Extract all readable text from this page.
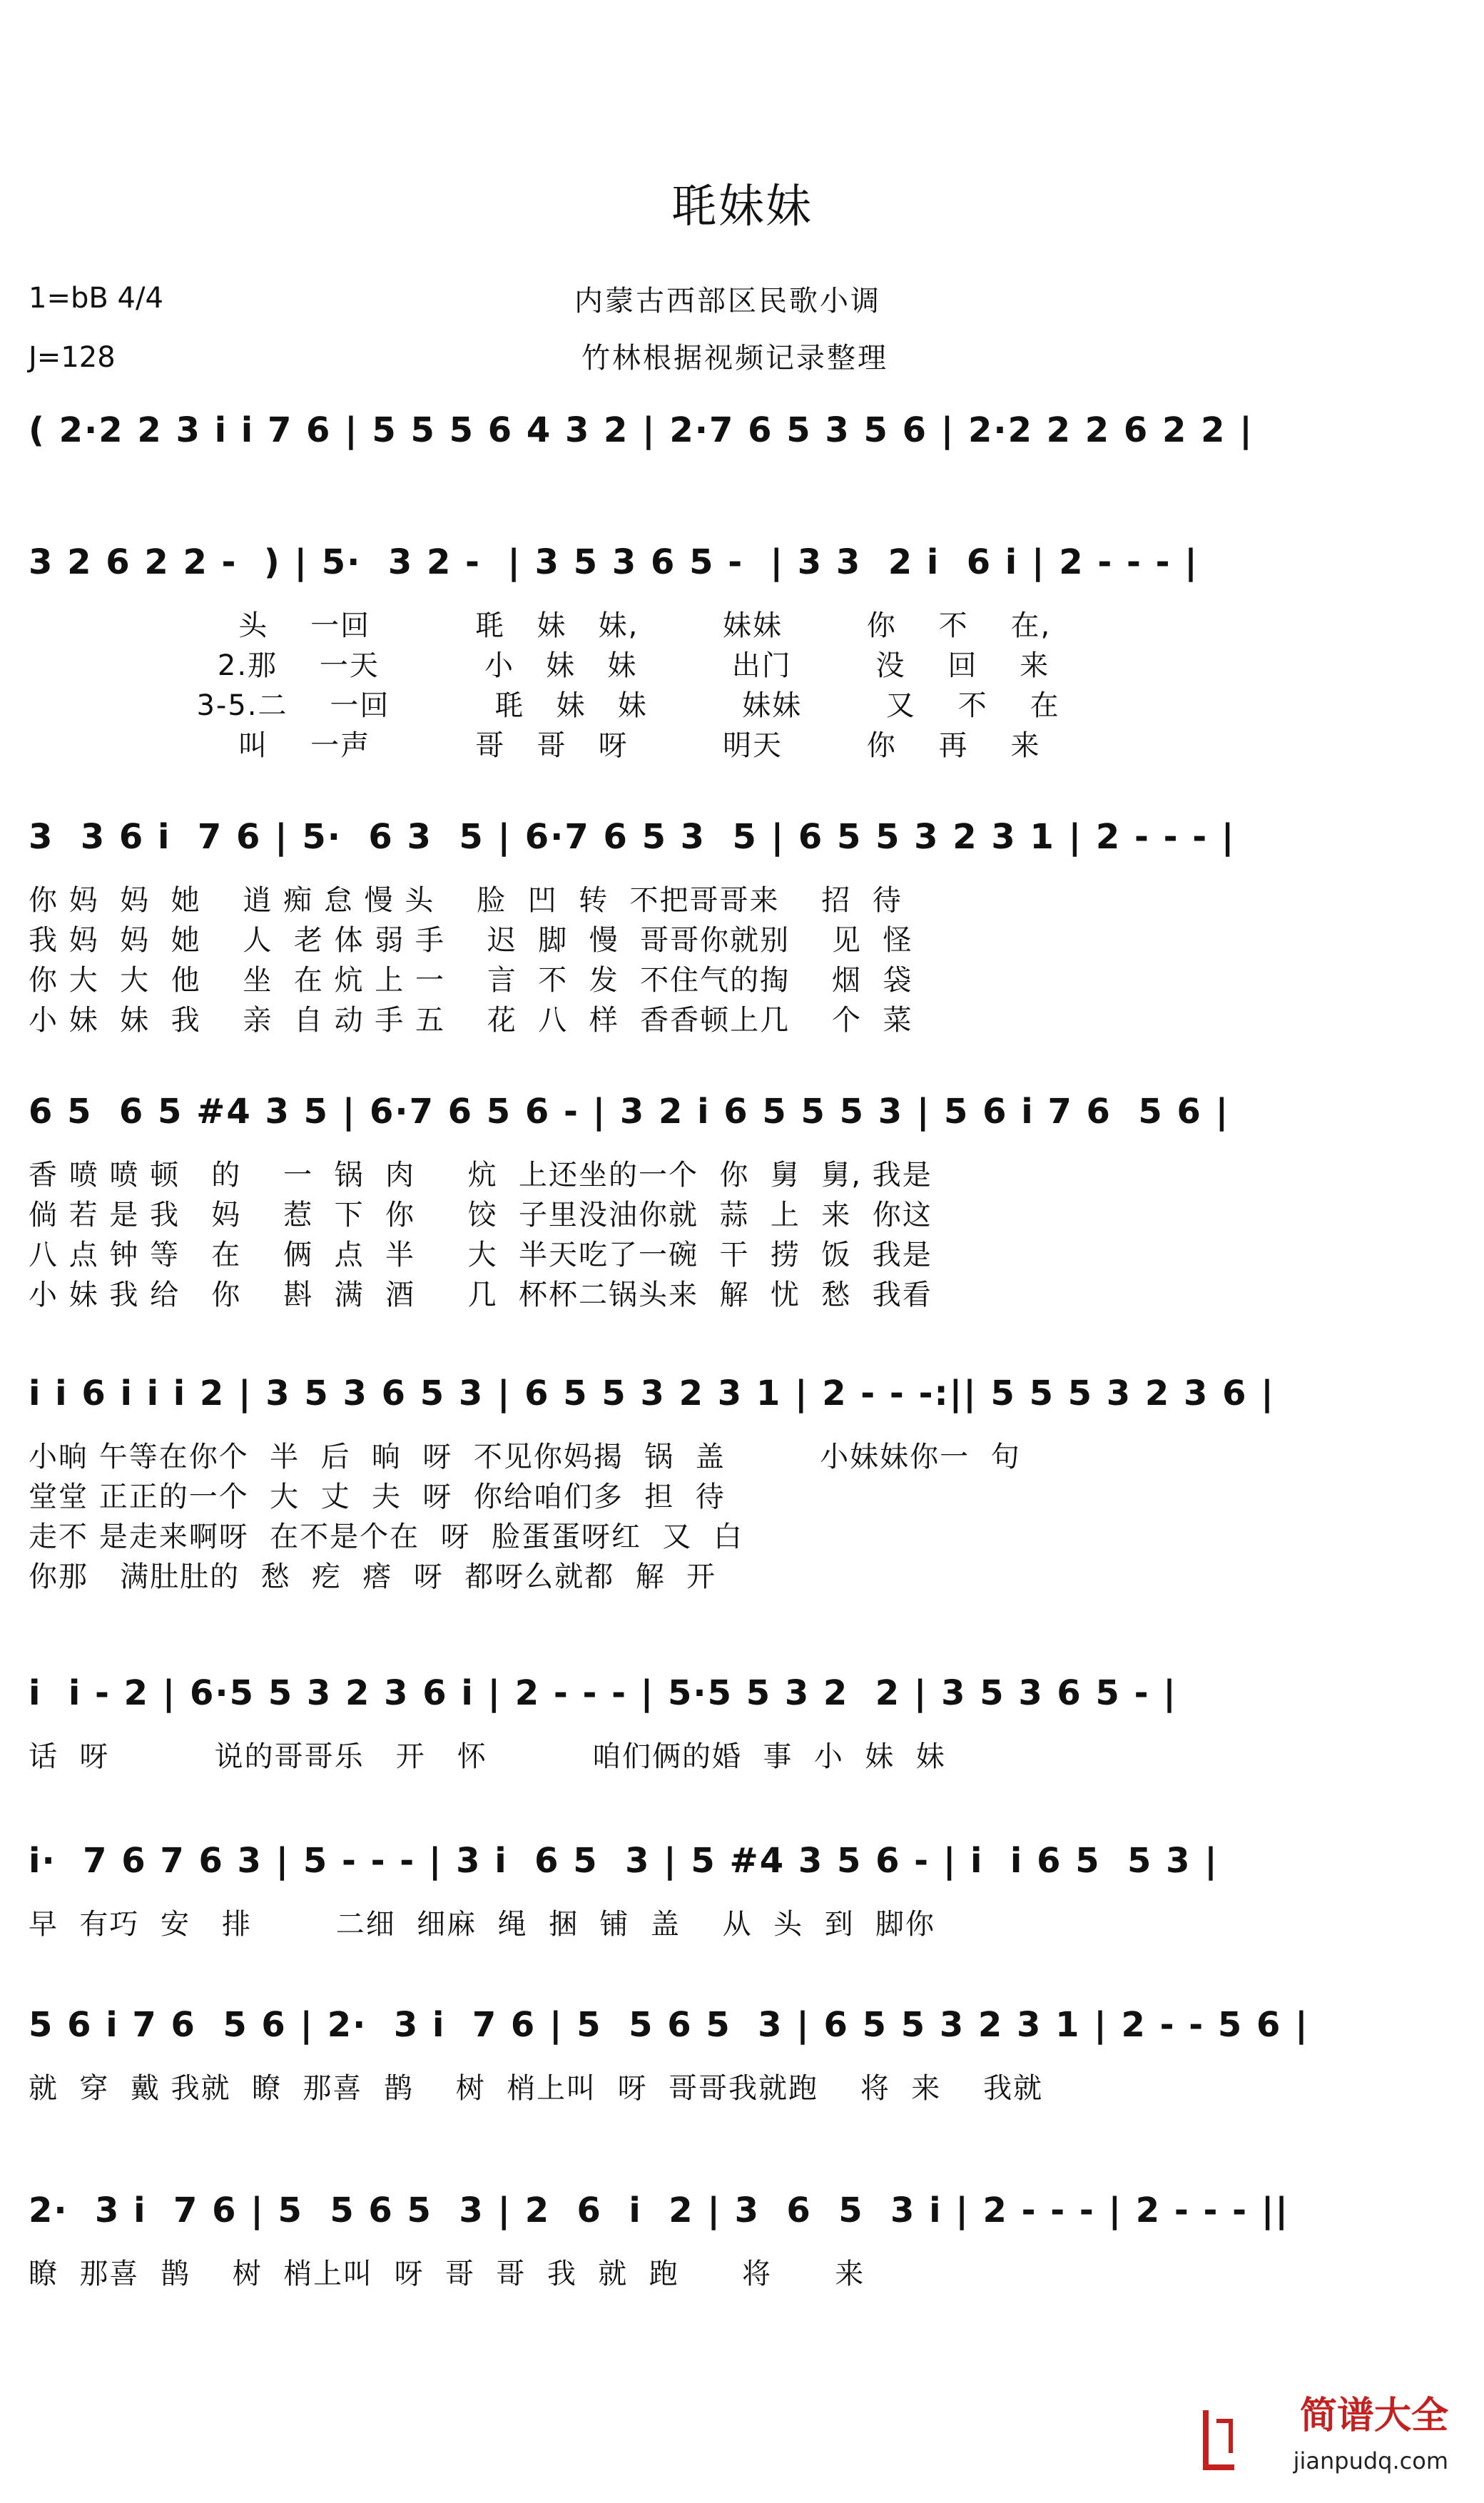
毦妹妹
1=bB 4/4
J=128
内蒙古西部区民歌小调
竹林根据视频记录整理
( 2·2 2 3 i i 7 6 | 5 5 5 6 4 3 2 | 2·7 6 5 3 5 6 | 2·2 2 2 6 2 2 |
3 2 6 2 2 -  ) | 5·  3 2 -  | 3 5 3 6 5 -  | 3 3  2 i  6 i | 2 - - - |
头    一回          毦   妹   妹,        妹妹        你    不    在,
2.那    一天          小   妹   妹         出门        没    回    来
3-5.二    一回          毦   妹   妹         妹妹        又    不    在
叫    一声          哥   哥   呀         明天        你    再    来
3  3 6 i  7 6 | 5·  6 3  5 | 6·7 6 5 3  5 | 6 5 5 3 2 3 1 | 2 - - - |
你 妈  妈  她    逍 痴 怠 慢 头    脸  凹  转  不把哥哥来    招  待
我 妈  妈  她    人  老 体 弱 手    迟  脚  慢  哥哥你就别    见  怪
你 大  大  他    坐  在 炕 上 一    言  不  发  不住气的掏    烟  袋
小 妹  妹  我    亲  自 动 手 五    花  八  样  香香顿上几    个  菜
6 5  6 5 #4 3 5 | 6·7 6 5 6 - | 3 2 i 6 5 5 5 3 | 5 6 i 7 6  5 6 |
香 喷 喷 顿   的    一  锅  肉     炕  上还坐的一个  你  舅  舅, 我是
倘 若 是 我   妈    惹  下  你     饺  子里没油你就  蒜  上  来  你这
八 点 钟 等   在    俩  点  半     大  半天吃了一碗  干  捞  饭  我是
小 妹 我 给   你    斟  满  酒     几  杯杯二锅头来  解  忧  愁  我看
i i 6 i i i 2 | 3 5 3 6 5 3 | 6 5 5 3 2 3 1 | 2 - - -:|| 5 5 5 3 2 3 6 |
小晌 午等在你个  半  后  晌  呀  不见你妈揭  锅  盖         小妹妹你一  句
堂堂 正正的一个  大  丈  夫  呀  你给咱们多  担  待
走不 是走来啊呀  在不是个在  呀  脸蛋蛋呀红  又  白
你那   满肚肚的  愁  疙  瘩  呀  都呀么就都  解  开
i  i - 2 | 6·5 5 3 2 3 6 i | 2 - - - | 5·5 5 3 2  2 | 3 5 3 6 5 - |
话  呀          说的哥哥乐   开   怀          咱们俩的婚  事  小  妹  妹
i·  7 6 7 6 3 | 5 - - - | 3 i  6 5  3 | 5 #4 3 5 6 - | i  i 6 5  5 3 |
早  有巧  安   排        二细  细麻  绳  捆  铺  盖    从  头  到  脚你
5 6 i 7 6  5 6 | 2·  3 i  7 6 | 5  5 6 5  3 | 6 5 5 3 2 3 1 | 2 - - 5 6 |
就  穿  戴 我就  瞭  那喜  鹊    树  梢上叫  呀  哥哥我就跑    将  来    我就
2·  3 i  7 6 | 5  5 6 5  3 | 2  6  i  2 | 3  6  5  3 i | 2 - - - | 2 - - - ||
瞭  那喜  鹊    树  梢上叫  呀  哥  哥  我  就  跑      将      来
简谱大全
jianpudq.com
